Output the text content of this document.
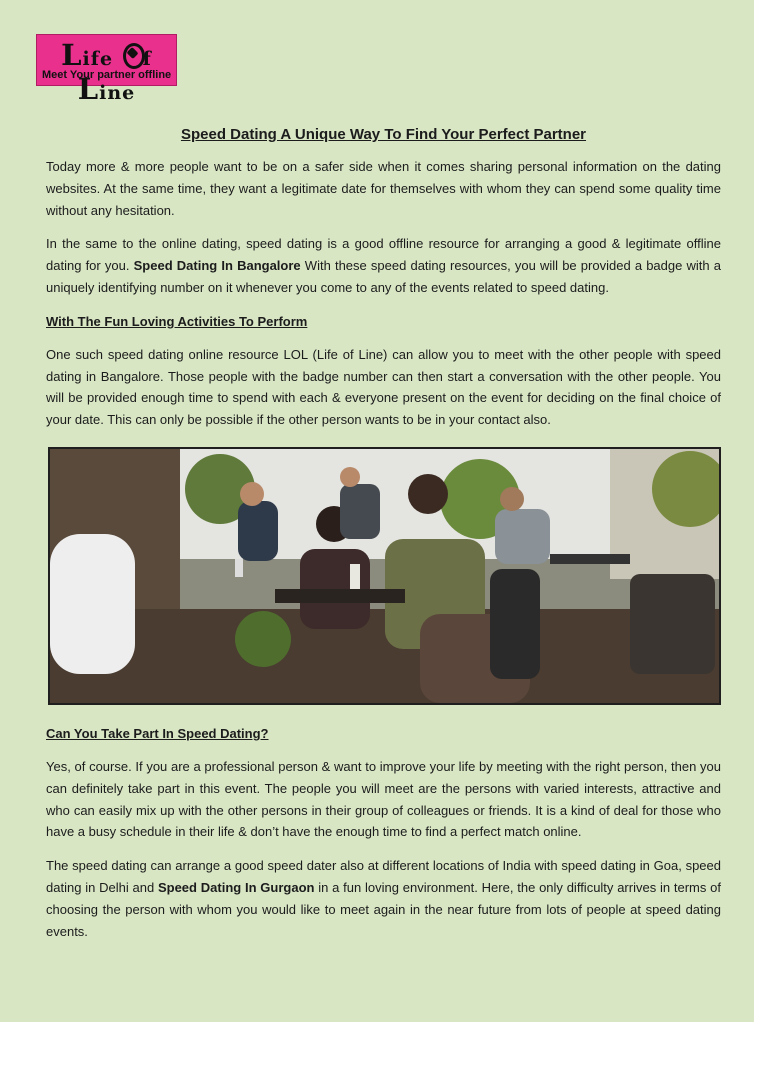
Life
f Line
Meet Your partner offline
Speed Dating A Unique Way To Find Your Perfect Partner

Today more & more people want to be on a safer side when it comes sharing personal information on the dating websites. At the same time, they want a legitimate date for themselves with whom they can spend some quality time without any hesitation.

In the same to the online dating, speed dating is a good offline resource for arranging a good & legitimate offline dating for you. Speed Dating In Bangalore With these speed dating resources, you will be provided a badge with a uniquely identifying number on it whenever you come to any of the events related to speed dating.

With The Fun Loving Activities To Perform

One such speed dating online resource LOL (Life of Line) can allow you to meet with the other people with speed dating in Bangalore. Those people with the badge number can then start a conversation with the other people. You will be provided enough time to spend with each & everyone present on the event for deciding on the final choice of your date. This can only be possible if the other person wants to be in your contact also.

Can You Take Part In Speed Dating?

Yes, of course. If you are a professional person & want to improve your life by meeting with the right person, then you can definitely take part in this event. The people you will meet are the persons with varied interests, attractive and who can easily mix up with the other persons in their group of colleagues or friends. It is a kind of deal for those who have a busy schedule in their life & don’t have the enough time to find a perfect match online.

The speed dating can arrange a good speed dater also at different locations of India with speed dating in Goa, speed dating in Delhi and Speed Dating In Gurgaon in a fun loving environment. Here, the only difficulty arrives in terms of choosing the person with whom you would like to meet again in the near future from lots of people at speed dating events.
